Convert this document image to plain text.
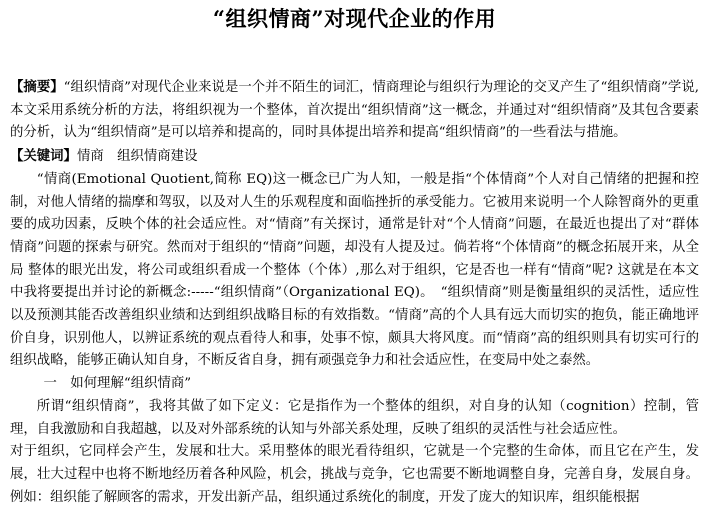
“组织情商”对现代企业的作用

【摘要】“组织情商”对现代企业来说是一个并不陌生的词汇，情商理论与组织行为理论的交叉产生了“组织情商”学说,本文采用系统分析的方法，将组织视为一个整体，首次提出“组织情商”这一概念，并通过对“组织情商”及其包含要素的分析，认为“组织情商”是可以培养和提高的，同时具体提出培养和提高“组织情商”的一些看法与措施。

【关键词】情商　组织情商建设

“情商(Emotional Quotient,简称 EQ)这一概念已广为人知，一般是指“个体情商”个人对自己情绪的把握和控制，对他人情绪的揣摩和驾驭，以及对人生的乐观程度和面临挫折的承受能力。它被用来说明一个人除智商外的更重要的成功因素，反映个体的社会适应性。对“情商”有关探讨，通常是针对“个人情商”问题，在最近也提出了对“群体情商”问题的探索与研究。然而对于组织的“情商”问题，却没有人提及过。倘若将“个体情商”的概念拓展开来，从全局 整体的眼光出发，将公司或组织看成一个整体（个体）,那么对于组织，它是否也一样有“情商”呢? 这就是在本文中我将要提出并讨论的新概念:-----“组织情商”（Organizational EQ)。　“组织情商”则是衡量组织的灵活性，适应性以及预测其能否改善组织业绩和达到组织战略目标的有效指数。“情商”高的个人具有远大而切实的抱负，能正确地评价自身，识别他人，以辨证系统的观点看待人和事，处事不惊，颇具大将风度。而“情商”高的组织则具有切实可行的组织战略，能够正确认知自身，不断反省自身，拥有顽强竞争力和社会适应性，在变局中处之泰然。

一　如何理解“组织情商”

所谓“组织情商”，我将其做了如下定义：它是指作为一个整体的组织，对自身的认知（cognition）控制，管理，自我激励和自我超越，以及对外部系统的认知与外部关系处理，反映了组织的灵活性与社会适应性。

对于组织，它同样会产生，发展和壮大。采用整体的眼光看待组织，它就是一个完整的生命体，而且它在产生，发展，壮大过程中也将不断地经历着各种风险，机会，挑战与竞争，它也需要不断地调整自身，完善自身，发展自身。例如：组织能了解顾客的需求，开发出新产品，组织通过系统化的制度，开发了庞大的知识库，组织能根据
